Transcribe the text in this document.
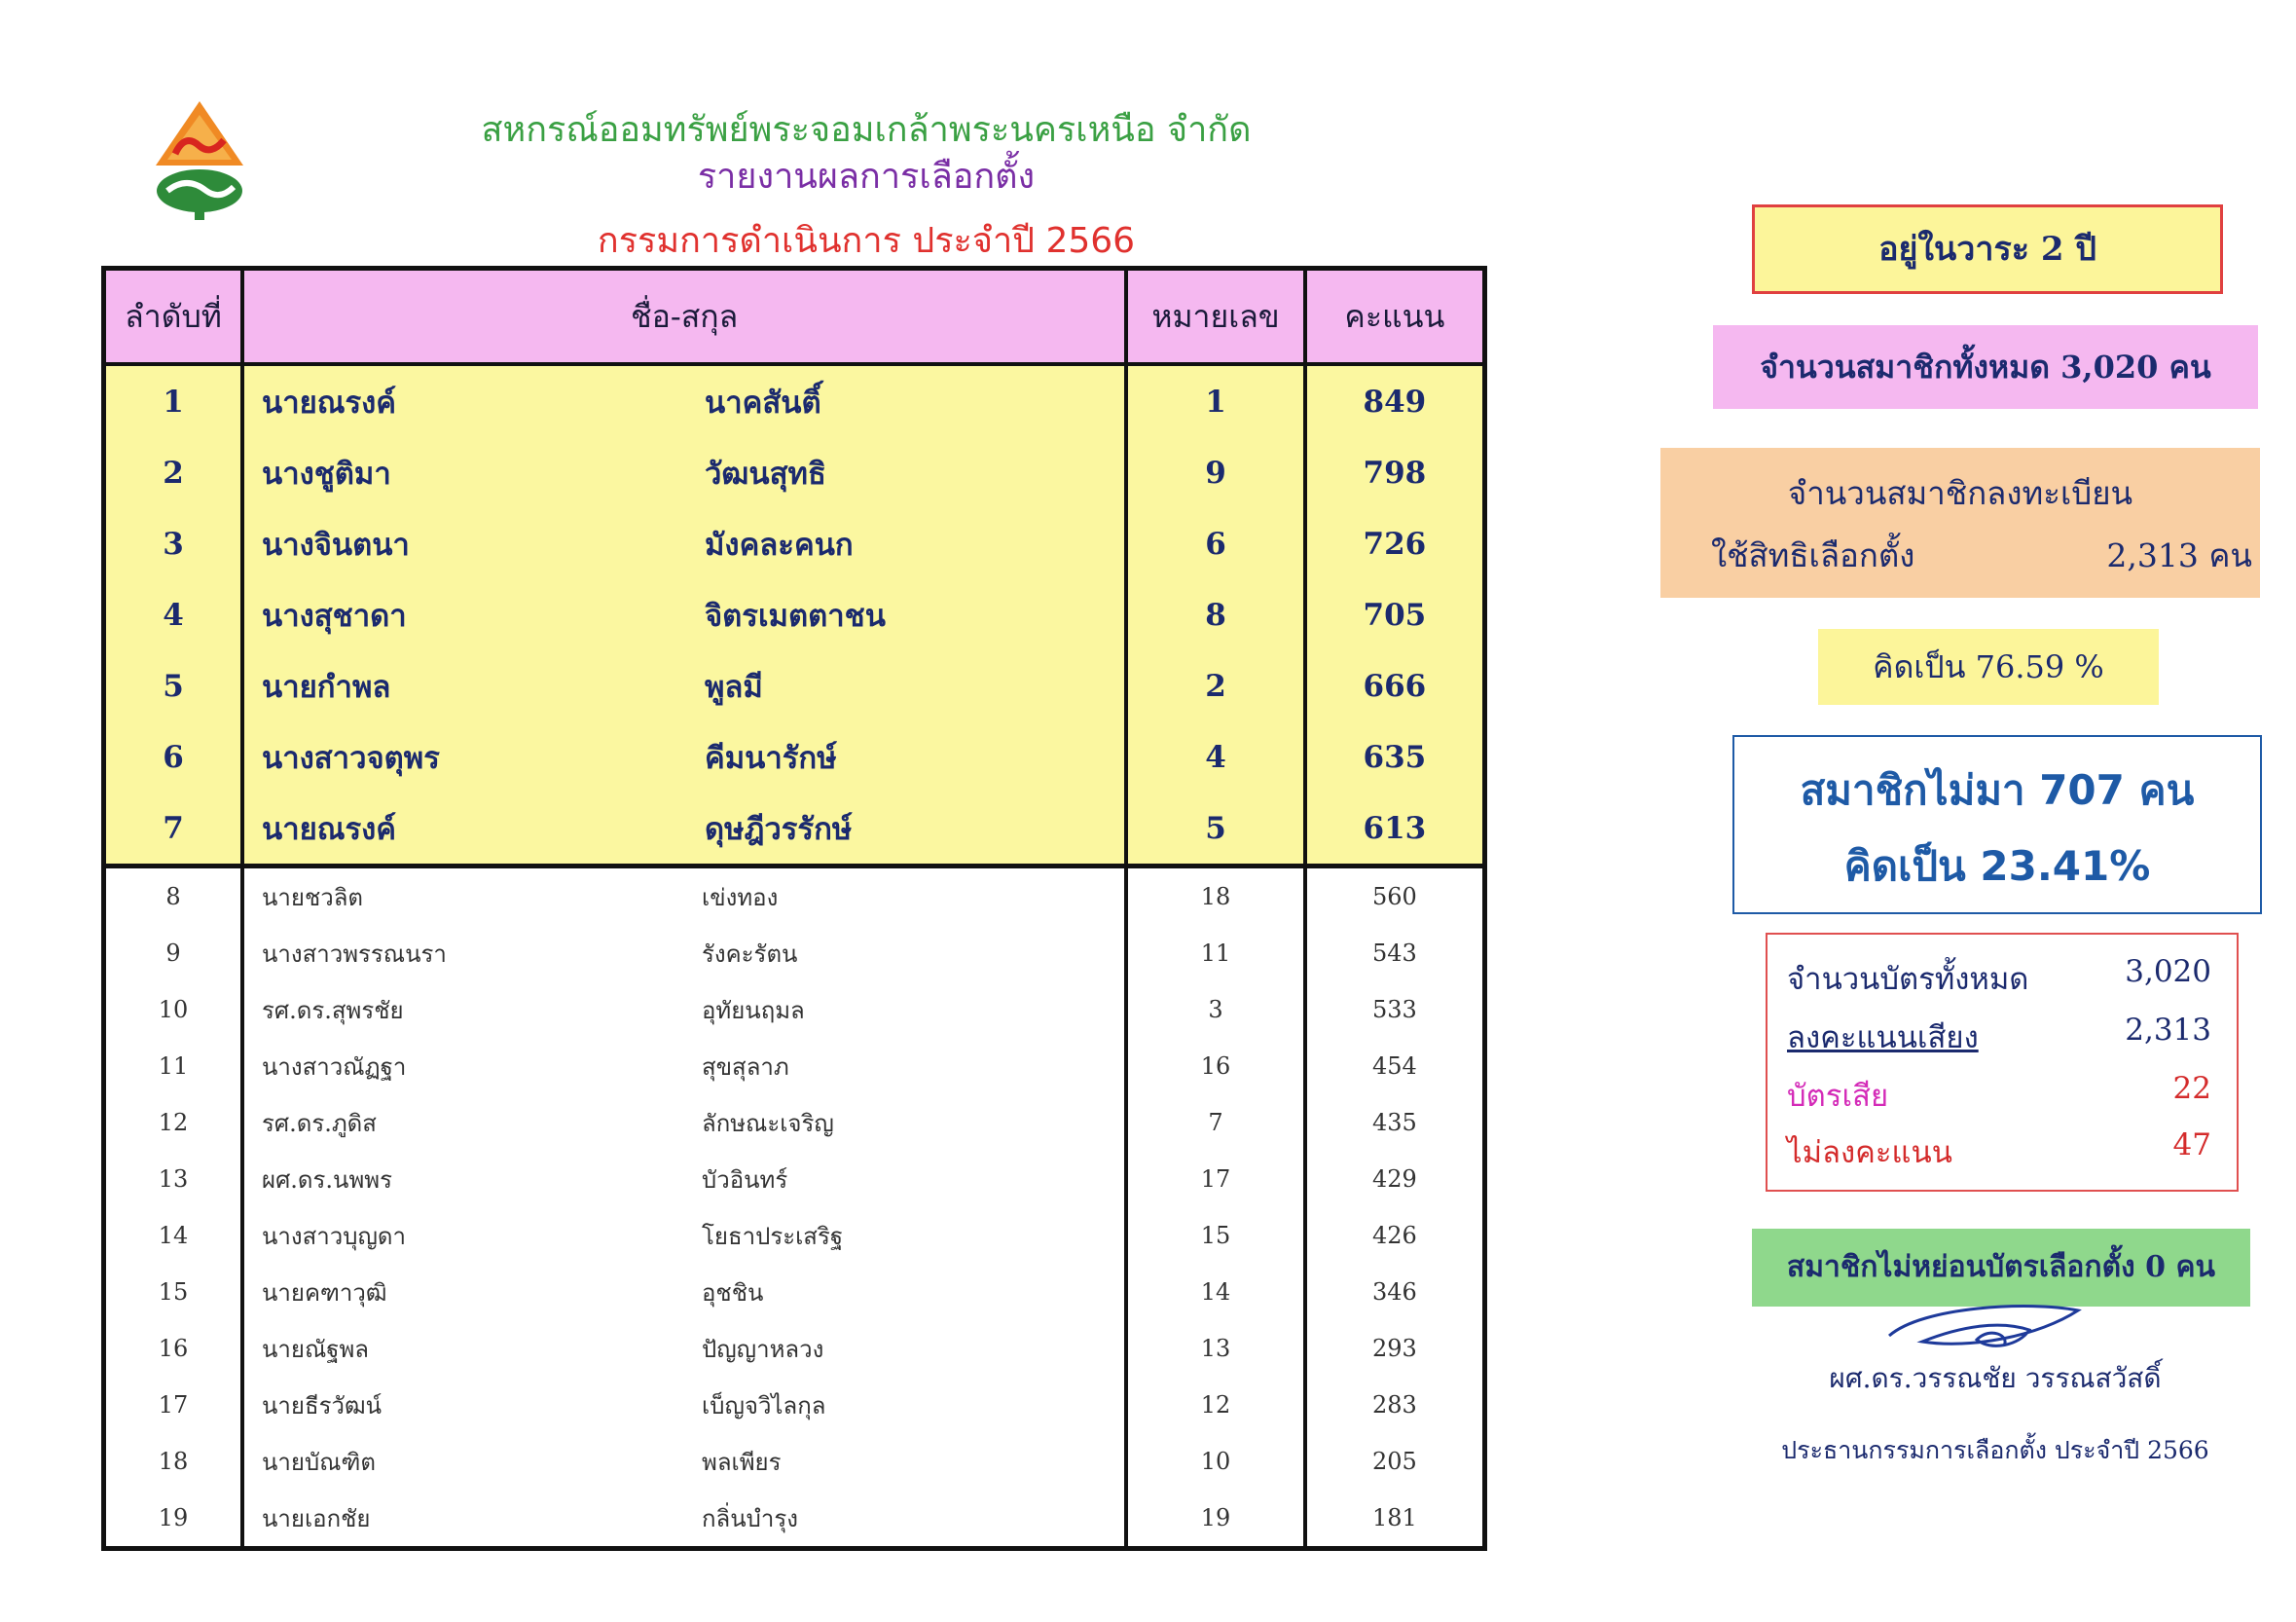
สหกรณ์ออมทรัพย์พระจอมเกล้าพระนครเหนือ จำกัด
รายงานผลการเลือกตั้ง
กรรมการดำเนินการ ประจำปี 2566
ลำดับที่	ชื่อ-สกุล	หมายเลข	คะแนน
1	นายณรงค์ นาคสันติ์	1	849
2	นางชูติมา วัฒนสุทธิ	9	798
3	นางจินตนา มังคละคนก	6	726
4	นางสุชาดา จิตรเมตตาชน	8	705
5	นายกำพล พูลมี	2	666
6	นางสาวจตุพร คีมนารักษ์	4	635
7	นายณรงค์ ดุษฎีวรรักษ์	5	613
8	นายชวลิต เข่งทอง	18	560
9	นางสาวพรรณนรา รังคะรัตน	11	543
10	รศ.ดร.สุพรชัย อุทัยนฤมล	3	533
11	นางสาวณัฏฐา สุขสุลาภ	16	454
12	รศ.ดร.ภูดิส ลักษณะเจริญ	7	435
13	ผศ.ดร.นพพร บัวอินทร์	17	429
14	นางสาวบุญดา โยธาประเสริฐ	15	426
15	นายคฑาวุฒิ อุชชิน	14	346
16	นายณัฐพล ปัญญาหลวง	13	293
17	นายธีรวัฒน์ เบ็ญจวิไลกุล	12	283
18	นายบัณฑิต พลเพียร	10	205
19	นายเอกชัย กลิ่นบำรุง	19	181
อยู่ในวาระ 2 ปี
จำนวนสมาชิกทั้งหมด 3,020 คน
จำนวนสมาชิกลงทะเบียน
ใช้สิทธิเลือกตั้ง	2,313 คน
คิดเป็น 76.59 %
สมาชิกไม่มา 707 คน
คิดเป็น 23.41%
จำนวนบัตรทั้งหมด	3,020
ลงคะแนนเสียง	2,313
บัตรเสีย	22
ไม่ลงคะแนน	47
สมาชิกไม่หย่อนบัตรเลือกตั้ง 0 คน
ผศ.ดร.วรรณชัย วรรณสวัสดิ์
ประธานกรรมการเลือกตั้ง ประจำปี 2566
